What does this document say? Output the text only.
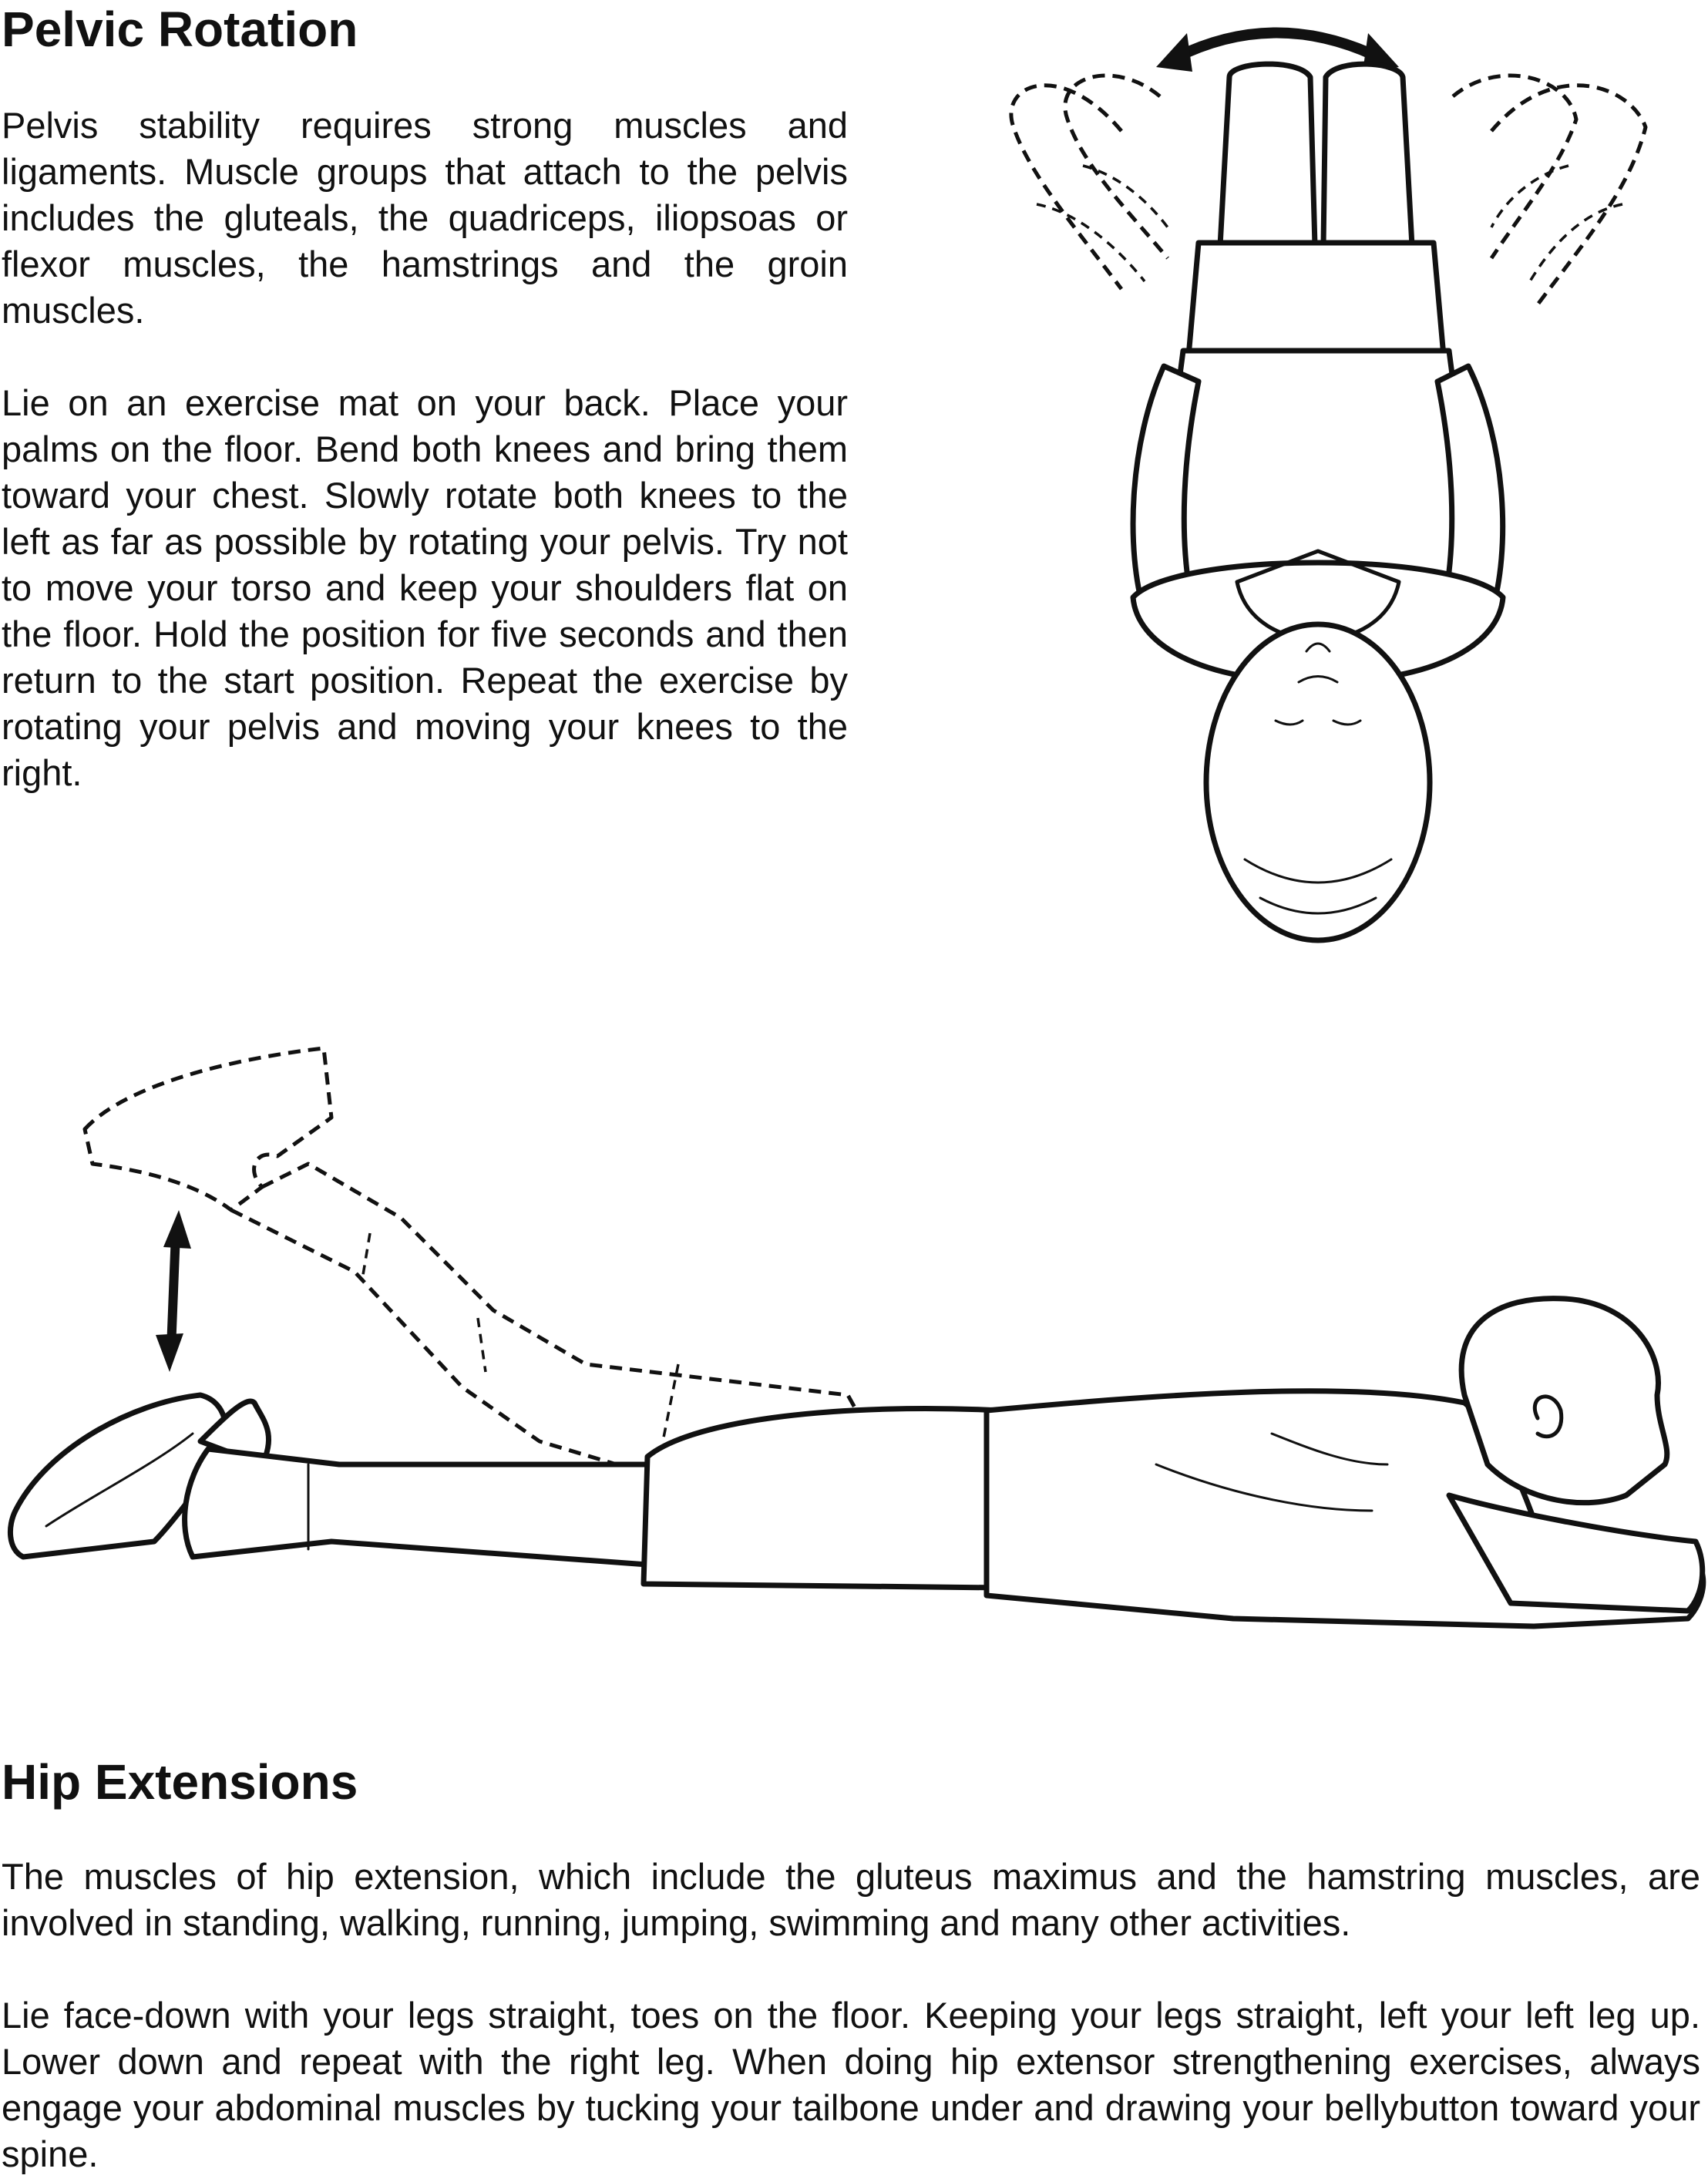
Pelvic Rotation

Pelvis stability requires strong muscles and ligaments. Muscle groups that attach to the pelvis includes the gluteals, the quadriceps, iliopsoas or flexor muscles, the hamstrings and the groin muscles.

Lie on an exercise mat on your back. Place your palms on the floor. Bend both knees and bring them toward your chest. Slowly rotate both knees to the left as far as possible by rotating your pelvis. Try not to move your torso and keep your shoulders flat on the floor. Hold the position for five seconds and then return to the start position. Repeat the exercise by rotating your pelvis and moving your knees to the right.

Hip Extensions

The muscles of hip extension, which include the gluteus maximus and the hamstring muscles, are involved in standing, walking, running, jumping, swimming and many other activities.

Lie face-down with your legs straight, toes on the floor. Keeping your legs straight, left your left leg up. Lower down and repeat with the right leg. When doing hip extensor strengthening exercises, always engage your abdominal muscles by tucking your tailbone under and drawing your bellybutton toward your spine.
